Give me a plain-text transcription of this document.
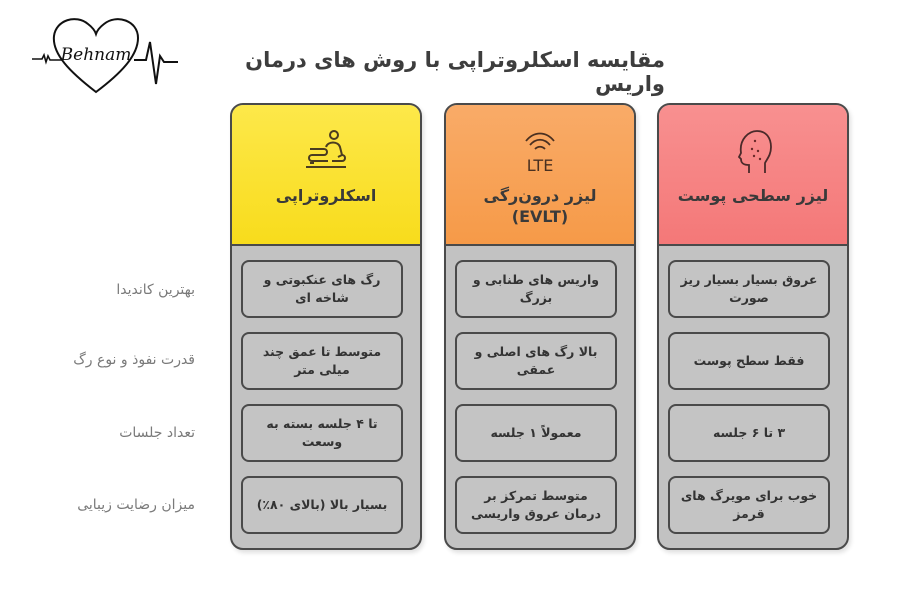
Behnam	مقایسه اسکلروتراپی با روش های درمان واریس
بهترین کاندیدا
قدرت نفوذ و نوع رگ
تعداد جلسات
میزان رضایت زیبایی
اسکلروتراپی
رگ های عنکبوتی و شاخه ای
متوسط تا عمق چند میلی متر
تا ۴ جلسه بسته به وسعت
بسیار بالا (بالای ۸۰٪)
LTE
لیزر درون‌رگی (EVLT)
واریس های طنابی و بزرگ
بالا رگ های اصلی و عمقی
معمولاً ۱ جلسه
متوسط تمرکز بر درمان عروق واریسی
لیزر سطحی پوست
عروق بسیار بسیار ریز صورت
فقط سطح پوست
۳ تا ۶ جلسه
خوب برای مویرگ های قرمز
